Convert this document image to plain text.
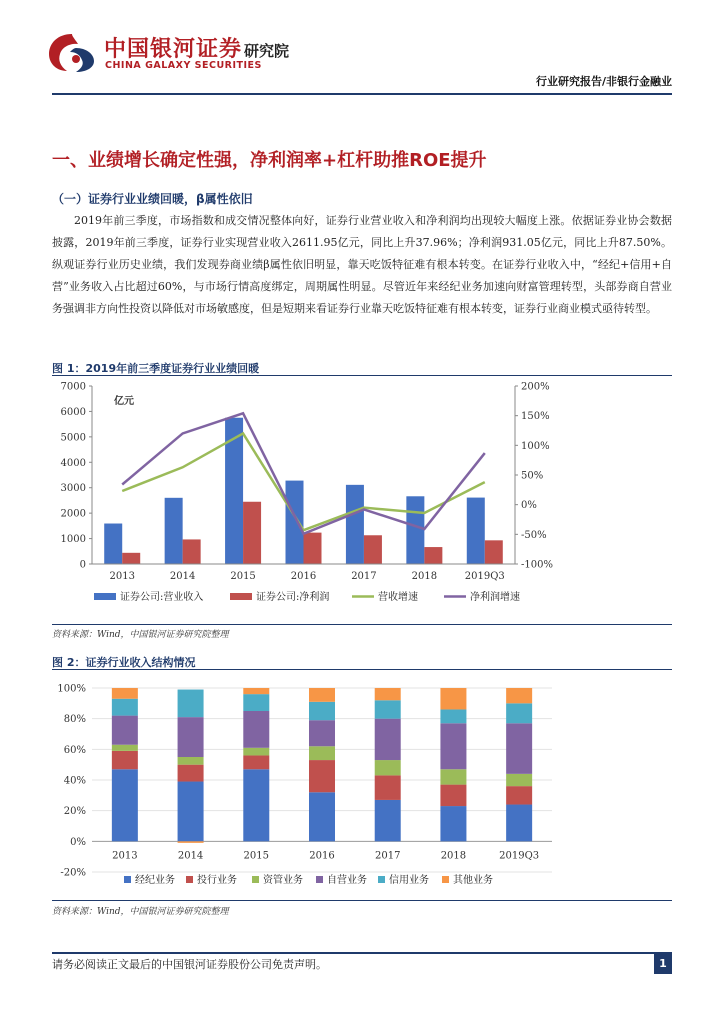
中国银河证券
CHINA GALAXY SECURITIES
研究院
行业研究报告/非银行金融业
一、业绩增长确定性强，净利润率+杠杆助推ROE提升
（一）证券行业业绩回暖，β属性依旧
2019年前三季度，市场指数和成交情况整体向好，证券行业营业收入和净利润均出现较大幅度上涨。依据证券业协会数据披露，2019年前三季度，证券行业实现营业收入2611.95亿元，同比上升37.96%；净利润931.05亿元，同比上升87.50%。纵观证券行业历史业绩，我们发现券商业绩β属性依旧明显，靠天吃饭特征难有根本转变。在证券行业收入中，“经纪+信用+自营”业务收入占比超过60%，与市场行情高度绑定，周期属性明显。尽管近年来经纪业务加速向财富管理转型，头部券商自营业务强调非方向性投资以降低对市场敏感度，但是短期来看证券行业靠天吃饭特征难有根本转变，证券行业商业模式亟待转型。
图 1：2019年前三季度证券行业业绩回暖
0
1000
2000
3000
4000
5000
6000
7000
-100%
-50%
0%
50%
100%
150%
200%
亿元
2013	2014	2015	2016	2017	2018	2019Q3
证券公司:营业收入	证券公司:净利润	营收增速	净利润增速
资料来源：Wind，中国银河证券研究院整理
图 2：证券行业收入结构情况
-20%
0%
20%
40%
60%
80%
100%
2013	2014	2015	2016	2017	2018	2019Q3
经纪业务 投行业务	资管业务 自营业务 信用业务 其他业务
资料来源：Wind，中国银河证券研究院整理
请务必阅读正文最后的中国银河证券股份公司免责声明。	1
